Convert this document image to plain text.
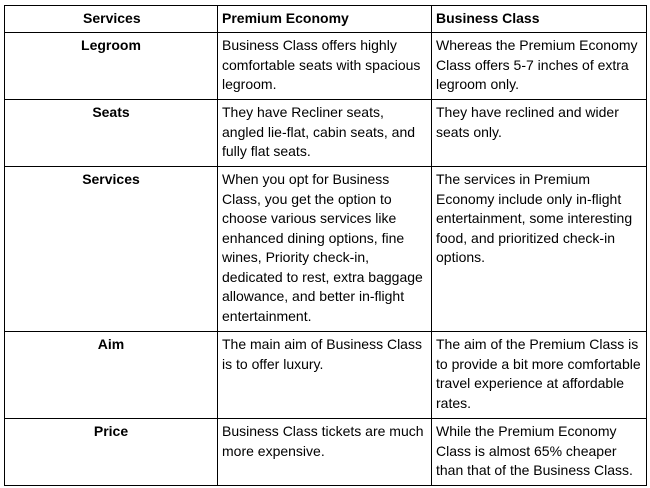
Services	Premium Economy	Business Class
Legroom	Business Class offers highly comfortable seats with spacious legroom.	Whereas the Premium Economy Class offers 5-7 inches of extra legroom only.
Seats	They have Recliner seats, angled lie-flat, cabin seats, and fully flat seats.	They have reclined and wider seats only.
Services	When you opt for Business Class, you get the option to choose various services like enhanced dining options, fine wines, Priority check-in, dedicated to rest, extra baggage allowance, and better in-flight entertainment.	The services in Premium Economy include only in-flight entertainment, some interesting food, and prioritized check-in options.
Aim	The main aim of Business Class is to offer luxury.	The aim of the Premium Class is to provide a bit more comfortable travel experience at affordable rates.
Price	Business Class tickets are much more expensive.	While the Premium Economy Class is almost 65% cheaper than that of the Business Class.
